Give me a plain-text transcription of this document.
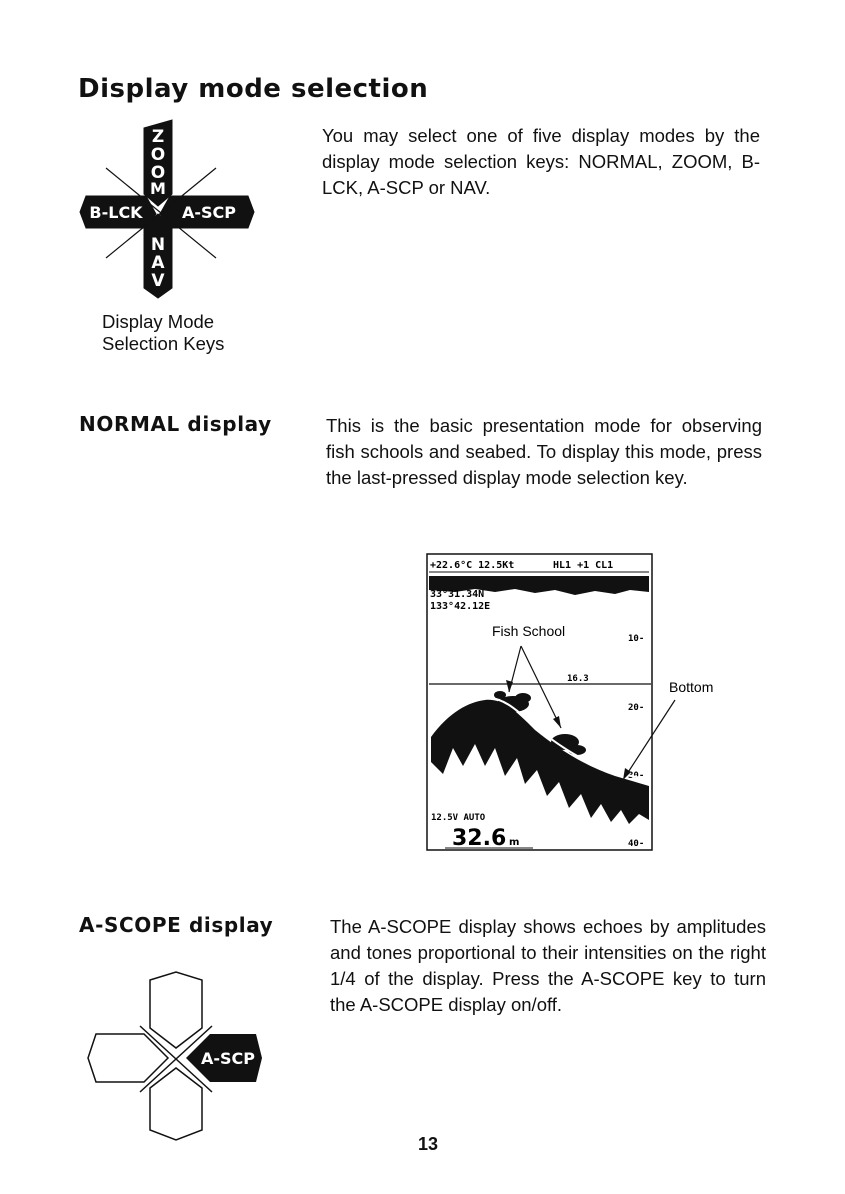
Display mode selection
Z
O
O
M
B-LCK A-SCP
N
A
V
Display Mode
Selection Keys
You may select one of five display modes by the display mode selection keys: NORMAL, ZOOM, B-LCK, A-SCP or NAV.
NORMAL display	This is the basic presentation mode for observing fish schools and seabed. To display this mode, press the last-pressed display mode selection key.
+22.6°C 12.5Kt	HL1 +1 CL1
33°31.34N
133°42.12E
16.3
10-
20-
30-
40-
12.5V AUTO
32.6 m
Fish School
Bottom
A-SCOPE display	The A-SCOPE display shows echoes by amplitudes and tones proportional to their intensities on the right 1/4 of the display. Press the A-SCOPE key to turn the A-SCOPE display on/off.
A-SCP
13
